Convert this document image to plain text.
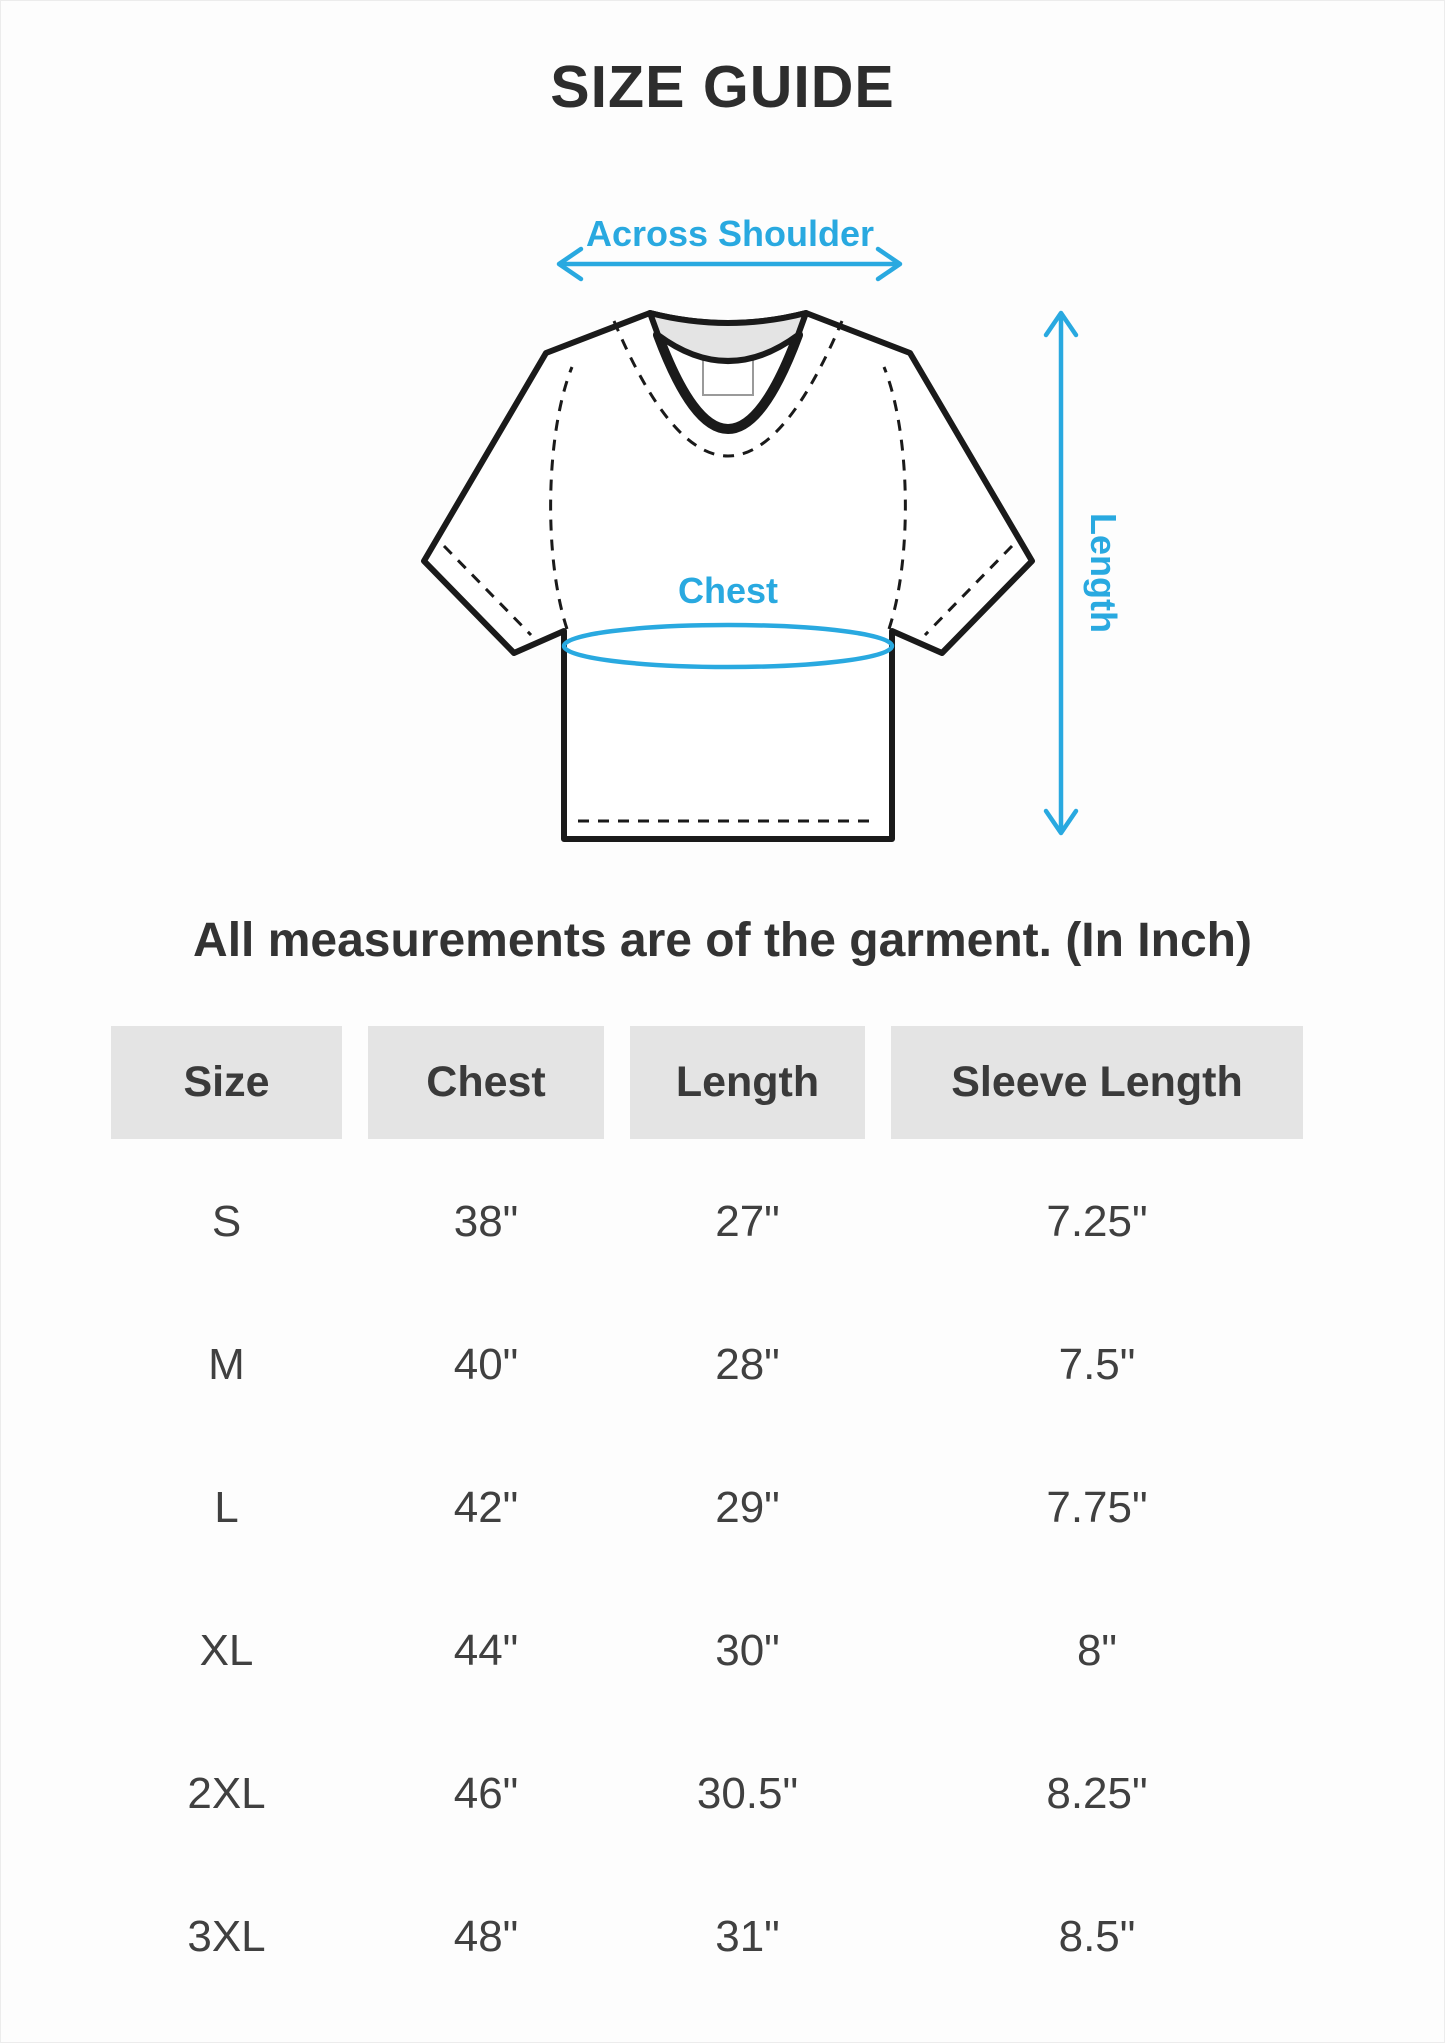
SIZE GUIDE
Across Shoulder
Chest	Length

All measurements are of the garment. (In Inch)

Size	Chest	Length	Sleeve Length
S	38"	27"	7.25"
M	40"	28"	7.5"
L	42"	29"	7.75"
XL	44"	30"	8"
2XL	46"	30.5"	8.25"
3XL	48"	31"	8.5"
